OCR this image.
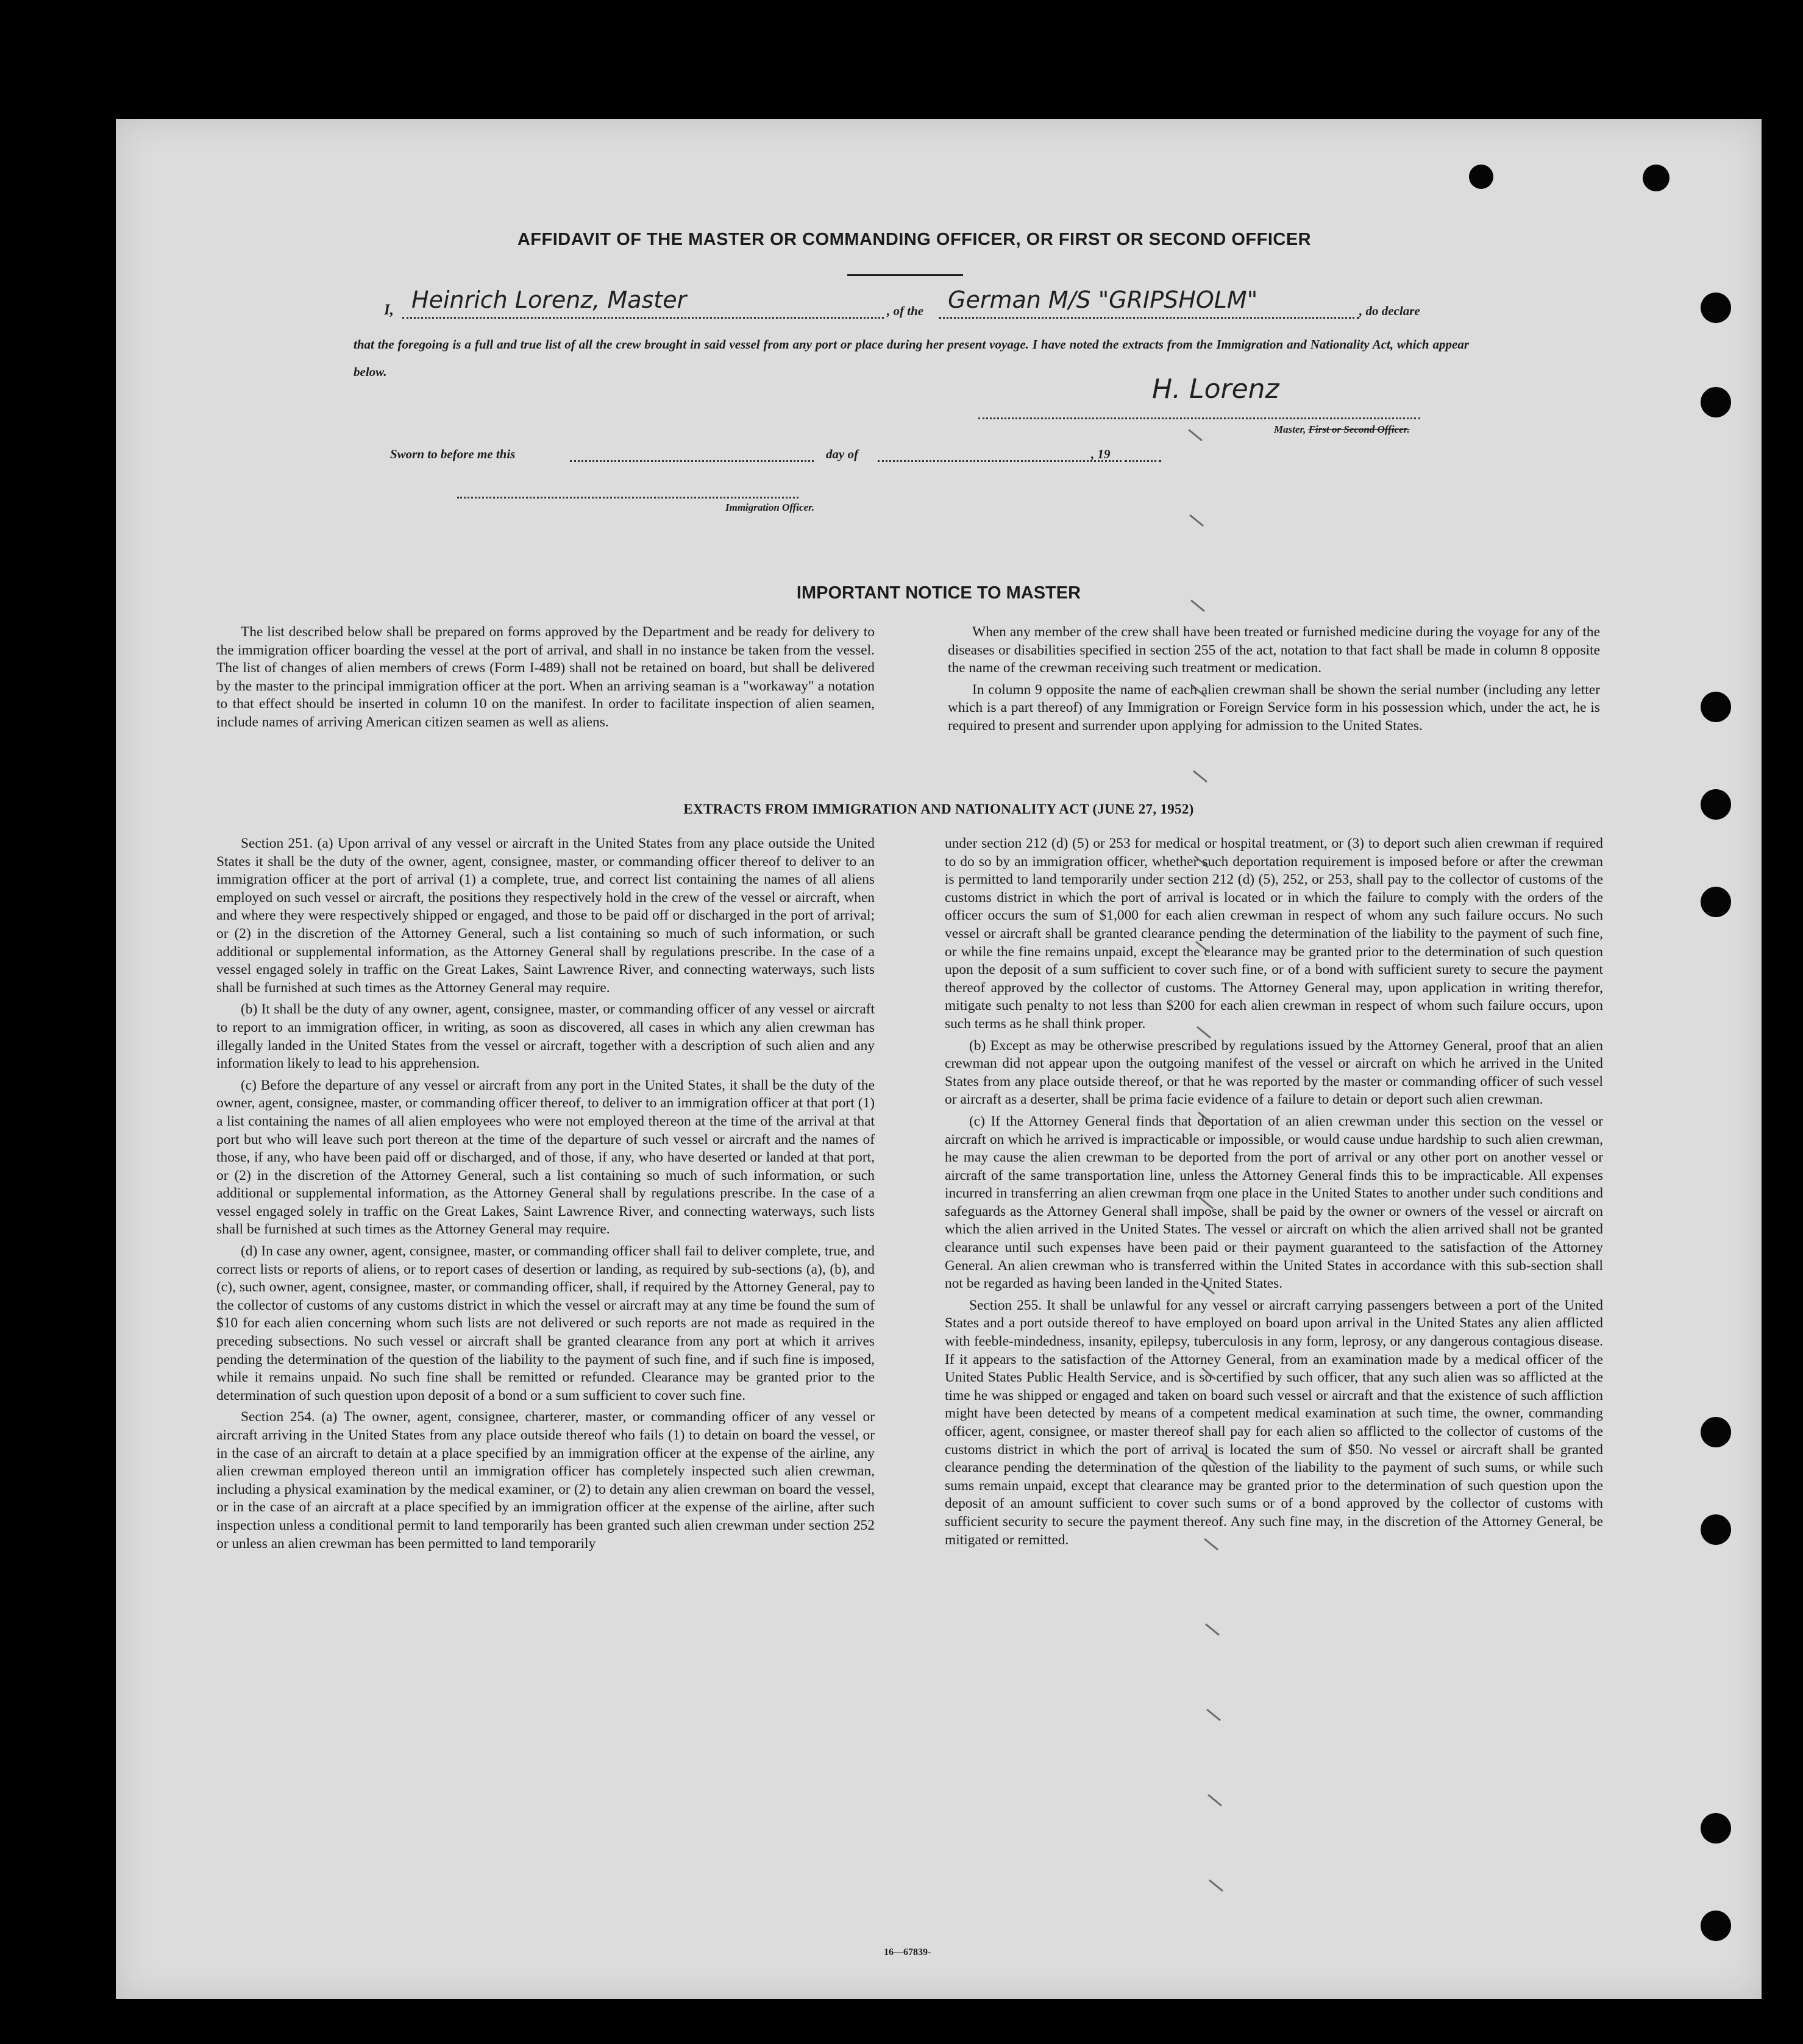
AFFIDAVIT OF THE MASTER OR COMMANDING OFFICER, OR FIRST OR SECOND OFFICER
I, Heinrich Lorenz, Master	, of the German M/S "GRIPSHOLM"	, do declare
that the foregoing is a full and true list of all the crew brought in said vessel from any port or place during her present voyage. I have noted the extracts from the Immigration and Nationality Act, which appear below.
H. Lorenz
Master, First or Second Officer.
Sworn to before me this	day of	, 19
Immigration Officer.
IMPORTANT NOTICE TO MASTER

The list described below shall be prepared on forms approved by the Department and be ready for delivery to the immigration officer boarding the vessel at the port of arrival, and shall in no instance be taken from the vessel. The list of changes of alien members of crews (Form I-489) shall not be retained on board, but shall be delivered by the master to the principal immigration officer at the port. When an arriving seaman is a "workaway" a notation to that effect should be inserted in column 10 on the manifest. In order to facilitate inspection of alien seamen, include names of arriving American citizen seamen as well as aliens.

When any member of the crew shall have been treated or furnished medicine during the voyage for any of the diseases or disabilities specified in section 255 of the act, notation to that fact shall be made in column 8 opposite the name of the crewman receiving such treatment or medication.

In column 9 opposite the name of each alien crewman shall be shown the serial number (including any letter which is a part thereof) of any Immigration or Foreign Service form in his possession which, under the act, he is required to present and surrender upon applying for admission to the United States.

EXTRACTS FROM IMMIGRATION AND NATIONALITY ACT (JUNE 27, 1952)

Section 251. (a) Upon arrival of any vessel or aircraft in the United States from any place outside the United States it shall be the duty of the owner, agent, consignee, master, or commanding officer thereof to deliver to an immigration officer at the port of arrival (1) a complete, true, and correct list containing the names of all aliens employed on such vessel or aircraft, the positions they respectively hold in the crew of the vessel or aircraft, when and where they were respectively shipped or engaged, and those to be paid off or discharged in the port of arrival; or (2) in the discretion of the Attorney General, such a list containing so much of such information, or such additional or supplemental information, as the Attorney General shall by regulations prescribe. In the case of a vessel engaged solely in traffic on the Great Lakes, Saint Lawrence River, and connecting waterways, such lists shall be furnished at such times as the Attorney General may require.

(b) It shall be the duty of any owner, agent, consignee, master, or commanding officer of any vessel or aircraft to report to an immigration officer, in writing, as soon as discovered, all cases in which any alien crewman has illegally landed in the United States from the vessel or aircraft, together with a description of such alien and any information likely to lead to his apprehension.

(c) Before the departure of any vessel or aircraft from any port in the United States, it shall be the duty of the owner, agent, consignee, master, or commanding officer thereof, to deliver to an immigration officer at that port (1) a list containing the names of all alien employees who were not employed thereon at the time of the arrival at that port but who will leave such port thereon at the time of the departure of such vessel or aircraft and the names of those, if any, who have been paid off or discharged, and of those, if any, who have deserted or landed at that port, or (2) in the discretion of the Attorney General, such a list containing so much of such information, or such additional or supplemental information, as the Attorney General shall by regulations prescribe. In the case of a vessel engaged solely in traffic on the Great Lakes, Saint Lawrence River, and connecting waterways, such lists shall be furnished at such times as the Attorney General may require.

(d) In case any owner, agent, consignee, master, or commanding officer shall fail to deliver complete, true, and correct lists or reports of aliens, or to report cases of desertion or landing, as required by sub-sections (a), (b), and (c), such owner, agent, consignee, master, or commanding officer, shall, if required by the Attorney General, pay to the collector of customs of any customs district in which the vessel or aircraft may at any time be found the sum of $10 for each alien concerning whom such lists are not delivered or such reports are not made as required in the preceding subsections. No such vessel or aircraft shall be granted clearance from any port at which it arrives pending the determination of the question of the liability to the payment of such fine, and if such fine is imposed, while it remains unpaid. No such fine shall be remitted or refunded. Clearance may be granted prior to the determination of such question upon deposit of a bond or a sum sufficient to cover such fine.

Section 254. (a) The owner, agent, consignee, charterer, master, or commanding officer of any vessel or aircraft arriving in the United States from any place outside thereof who fails (1) to detain on board the vessel, or in the case of an aircraft to detain at a place specified by an immigration officer at the expense of the airline, any alien crewman employed thereon until an immigration officer has completely inspected such alien crewman, including a physical examination by the medical examiner, or (2) to detain any alien crewman on board the vessel, or in the case of an aircraft at a place specified by an immigration officer at the expense of the airline, after such inspection unless a conditional permit to land temporarily has been granted such alien crewman under section 252 or unless an alien crewman has been permitted to land temporarily

under section 212 (d) (5) or 253 for medical or hospital treatment, or (3) to deport such alien crewman if required to do so by an immigration officer, whether such deportation requirement is imposed before or after the crewman is permitted to land temporarily under section 212 (d) (5), 252, or 253, shall pay to the collector of customs of the customs district in which the port of arrival is located or in which the failure to comply with the orders of the officer occurs the sum of $1,000 for each alien crewman in respect of whom any such failure occurs. No such vessel or aircraft shall be granted clearance pending the determination of the liability to the payment of such fine, or while the fine remains unpaid, except the clearance may be granted prior to the determination of such question upon the deposit of a sum sufficient to cover such fine, or of a bond with sufficient surety to secure the payment thereof approved by the collector of customs. The Attorney General may, upon application in writing therefor, mitigate such penalty to not less than $200 for each alien crewman in respect of whom such failure occurs, upon such terms as he shall think proper.

(b) Except as may be otherwise prescribed by regulations issued by the Attorney General, proof that an alien crewman did not appear upon the outgoing manifest of the vessel or aircraft on which he arrived in the United States from any place outside thereof, or that he was reported by the master or commanding officer of such vessel or aircraft as a deserter, shall be prima facie evidence of a failure to detain or deport such alien crewman.

(c) If the Attorney General finds that deportation of an alien crewman under this section on the vessel or aircraft on which he arrived is impracticable or impossible, or would cause undue hardship to such alien crewman, he may cause the alien crewman to be deported from the port of arrival or any other port on another vessel or aircraft of the same transportation line, unless the Attorney General finds this to be impracticable. All expenses incurred in transferring an alien crewman from one place in the United States to another under such conditions and safeguards as the Attorney General shall impose, shall be paid by the owner or owners of the vessel or aircraft on which the alien arrived in the United States. The vessel or aircraft on which the alien arrived shall not be granted clearance until such expenses have been paid or their payment guaranteed to the satisfaction of the Attorney General. An alien crewman who is transferred within the United States in accordance with this sub-section shall not be regarded as having been landed in the United States.

Section 255. It shall be unlawful for any vessel or aircraft carrying passengers between a port of the United States and a port outside thereof to have employed on board upon arrival in the United States any alien afflicted with feeble-mindedness, insanity, epilepsy, tuberculosis in any form, leprosy, or any dangerous contagious disease. If it appears to the satisfaction of the Attorney General, from an examination made by a medical officer of the United States Public Health Service, and is so certified by such officer, that any such alien was so afflicted at the time he was shipped or engaged and taken on board such vessel or aircraft and that the existence of such affliction might have been detected by means of a competent medical examination at such time, the owner, commanding officer, agent, consignee, or master thereof shall pay for each alien so afflicted to the collector of customs of the customs district in which the port of arrival is located the sum of $50. No vessel or aircraft shall be granted clearance pending the determination of the question of the liability to the payment of such sums, or while such sums remain unpaid, except that clearance may be granted prior to the determination of such question upon the deposit of an amount sufficient to cover such sums or of a bond approved by the collector of customs with sufficient security to secure the payment thereof. Any such fine may, in the discretion of the Attorney General, be mitigated or remitted.

16—67839-
